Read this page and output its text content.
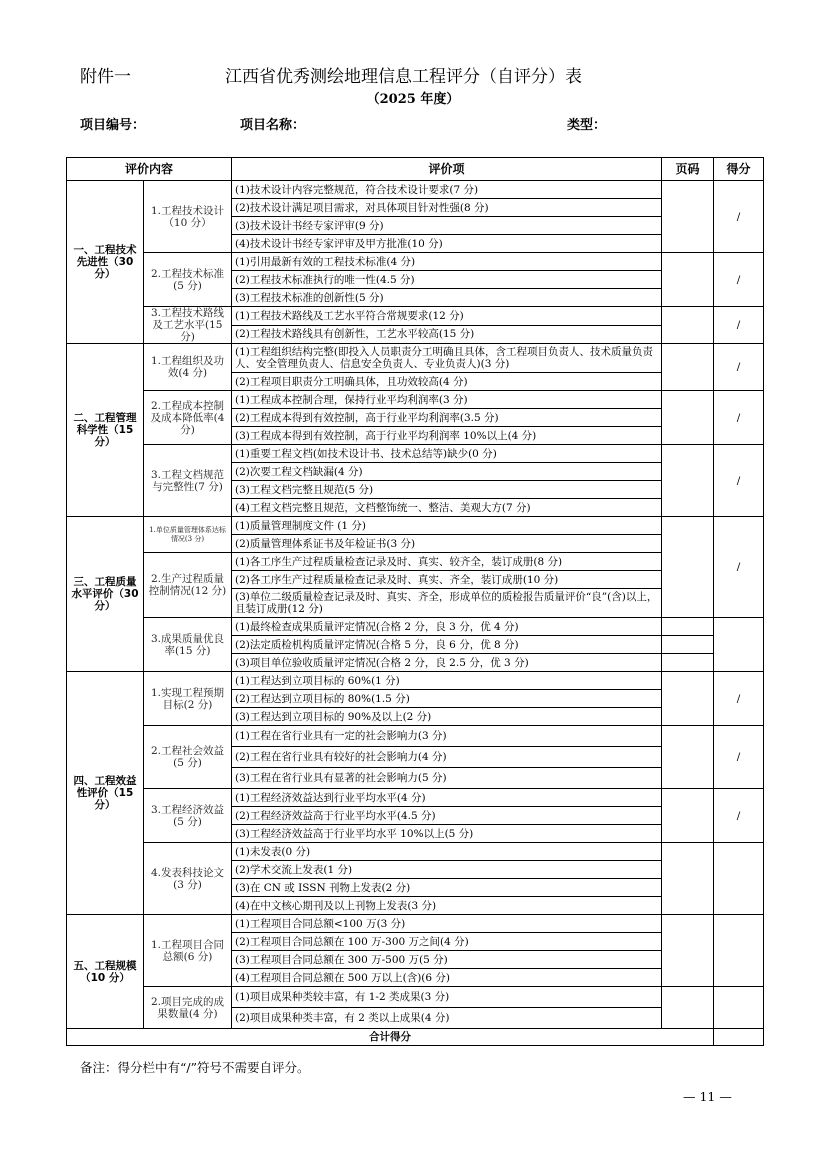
附件一	江西省优秀测绘地理信息工程评分（自评分）表
（2025 年度）
项目编号：	项目名称：	类型：
评价内容		评价项	页码	得分
一、工程技术先进性（30 分）	1.工程技术设计（10 分）	(1)技术设计内容完整规范，符合技术设计要求(7 分)		/
		(2)技术设计满足项目需求，对具体项目针对性强(8 分)		
		(3)技术设计书经专家评审(9 分)		
		(4)技术设计书经专家评审及甲方批准(10 分)		
	2.工程技术标准(5 分)	(1)引用最新有效的工程技术标准(4 分)		/
		(2)工程技术标准执行的唯一性(4.5 分)		
		(3)工程技术标准的创新性(5 分)		
	3.工程技术路线及工艺水平(15 分)	(1)工程技术路线及工艺水平符合常规要求(12 分)		/
		(2)工程技术路线具有创新性，工艺水平较高(15 分)		
二、工程管理科学性（15 分）	1.工程组织及功效(4 分)	(1)工程组织结构完整(即投入人员职责分工明确且具体，含工程项目负责人、技术质量负责人、安全管理负责人、信息安全负责人、专业负责人)(3 分)		/
		(2)工程项目职责分工明确具体，且功效较高(4 分)		
	2.工程成本控制及成本降低率(4 分)	(1)工程成本控制合理，保持行业平均利润率(3 分)		/
		(2)工程成本得到有效控制，高于行业平均利润率(3.5 分)		
		(3)工程成本得到有效控制，高于行业平均利润率 10%以上(4 分)		
	3.工程文档规范与完整性(7 分)	(1)重要工程文档(如技术设计书、技术总结等)缺少(0 分)		/
		(2)次要工程文档缺漏(4 分)		
		(3)工程文档完整且规范(5 分)		
		(4)工程文档完整且规范，文档整饰统一、整洁、美观大方(7 分)		
三、工程质量水平评价（30 分）	1.单位质量管理体系达标情况(3 分)	(1)质量管理制度文件 (1 分)		/
		(2)质量管理体系证书及年检证书(3 分)		
	2.生产过程质量控制情况(12 分)	(1)各工序生产过程质量检查记录及时、真实、较齐全，装订成册(8 分)		
		(2)各工序生产过程质量检查记录及时、真实、齐全，装订成册(10 分)		
		(3)单位二级质量检查记录及时、真实、齐全，形成单位的质检报告质量评价“良”(含)以上，且装订成册(12 分)		
	3.成果质量优良率(15 分)	(1)最终检查成果质量评定情况(合格 2 分，良 3 分，优 4 分)		
		(2)法定质检机构质量评定情况(合格 5 分，良 6 分，优 8 分)		
		(3)项目单位验收质量评定情况(合格 2 分，良 2.5 分，优 3 分)		
四、工程效益性评价（15 分）	1.实现工程预期目标(2 分)	(1)工程达到立项目标的 60%(1 分)		/
		(2)工程达到立项目标的 80%(1.5 分)		
		(3)工程达到立项目标的 90%及以上(2 分)		
	2.工程社会效益(5 分)	(1)工程在省行业具有一定的社会影响力(3 分)		/
		(2)工程在省行业具有较好的社会影响力(4 分)		
		(3)工程在省行业具有显著的社会影响力(5 分)		
	3.工程经济效益(5 分)	(1)工程经济效益达到行业平均水平(4 分)		/
		(2)工程经济效益高于行业平均水平(4.5 分)		
		(3)工程经济效益高于行业平均水平 10%以上(5 分)		
	4.发表科技论文(3 分)	(1)未发表(0 分)		
		(2)学术交流上发表(1 分)		
		(3)在 CN 或 ISSN 刊物上发表(2 分)		
		(4)在中文核心期刊及以上刊物上发表(3 分)		
五、工程规模（10 分）	1.工程项目合同总额(6 分)	(1)工程项目合同总额<100 万(3 分)		
		(2)工程项目合同总额在 100 万-300 万之间(4 分)		
		(3)工程项目合同总额在 300 万-500 万(5 分)		
		(4)工程项目合同总额在 500 万以上(含)(6 分)		
	2.项目完成的成果数量(4 分)	(1)项目成果种类较丰富，有 1-2 类成果(3 分)		
		(2)项目成果种类丰富，有 2 类以上成果(4 分)		
合计得分				
备注：得分栏中有“/”符号不需要自评分。
— 11 —
